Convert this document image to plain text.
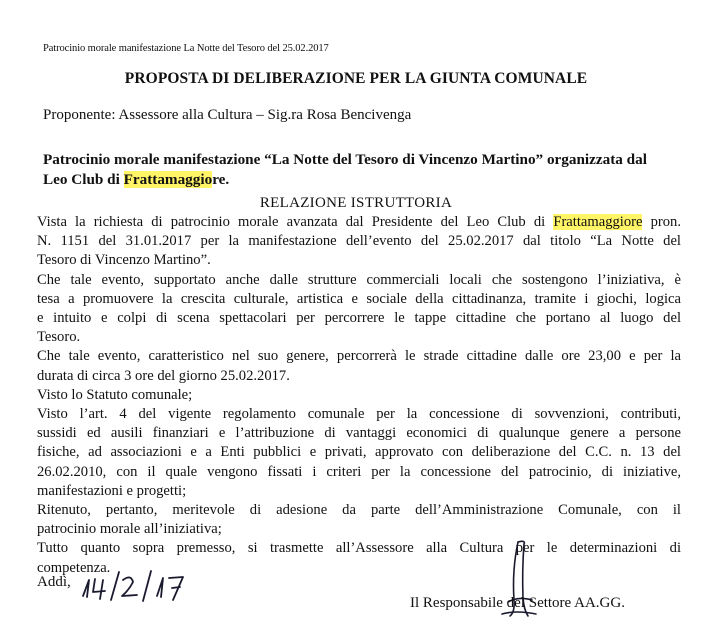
Patrocinio morale manifestazione La Notte del Tesoro del 25.02.2017
PROPOSTA DI DELIBERAZIONE PER LA GIUNTA COMUNALE
Proponente: Assessore alla Cultura – Sig.ra Rosa Bencivenga
Patrocinio morale manifestazione “La Notte del Tesoro di Vincenzo Martino” organizzata dal
Leo Club di Frattamaggiore.
RELAZIONE ISTRUTTORIA
Vista la richiesta di patrocinio morale avanzata dal Presidente del Leo Club di Frattamaggiore pron.
N. 1151 del 31.01.2017 per la manifestazione dell’evento del 25.02.2017 dal titolo “La Notte del
Tesoro di Vincenzo Martino”.
Che tale evento, supportato anche dalle strutture commerciali locali che sostengono l’iniziativa, è
tesa a promuovere la crescita culturale, artistica e sociale della cittadinanza, tramite i giochi, logica
e intuito e colpi di scena spettacolari per percorrere le tappe cittadine che portano al luogo del
Tesoro.
Che tale evento, caratteristico nel suo genere, percorrerà le strade cittadine dalle ore 23,00 e per la
durata di circa 3 ore del giorno 25.02.2017.
Visto lo Statuto comunale;
Visto l’art. 4 del vigente regolamento comunale per la concessione di sovvenzioni, contributi,
sussidi ed ausili finanziari e l’attribuzione di vantaggi economici di qualunque genere a persone
fisiche, ad associazioni e a Enti pubblici e privati, approvato con deliberazione del C.C. n. 13 del
26.02.2010, con il quale vengono fissati i criteri per la concessione del patrocinio, di iniziative,
manifestazioni e progetti;
Ritenuto, pertanto, meritevole di adesione da parte dell’Amministrazione Comunale, con il
patrocinio morale all’iniziativa;
Tutto quanto sopra premesso, si trasmette all’Assessore alla Cultura per le determinazioni di
competenza.
Addì,
Il Responsabile del Settore AA.GG.
